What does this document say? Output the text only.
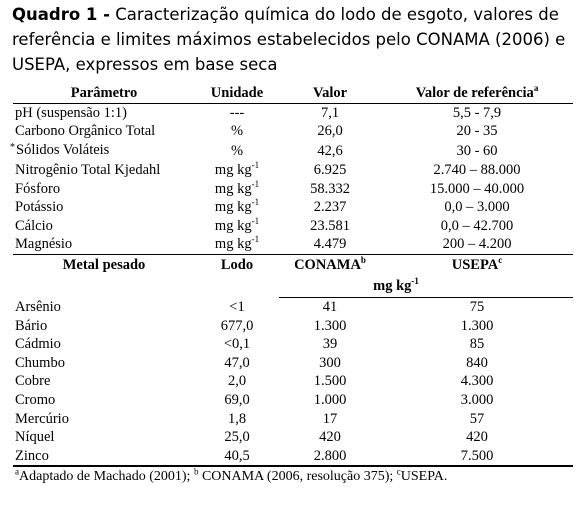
Quadro 1 - Caracterização química do lodo de esgoto, valores de referência e limites máximos estabelecidos pelo CONAMA (2006) e USEPA, expressos em base seca
Parâmetro	Unidade	Valor	Valor de referência$^a$
pH (suspensão 1:1)	---	7,1	5,5 - 7,9
Carbono Orgânico Total	%	26,0	20 - 35
*Sólidos Voláteis	%	42,6	30 - 60
Nitrogênio Total Kjedahl	mg $kg^{-1}$	6.925	2.740 – 88.000
Fósforo	mg $kg^{-1}$	58.332	15.000 – 40.000
Potássio	mg $kg^{-1}$	2.237	0,0 – 3.000
Cálcio	mg $kg^{-1}$	23.581	0,0 – 42.700
Magnésio	mg $kg^{-1}$	4.479	200 – 4.200
Metal pesado	Lodo	CONAMA$^b$	USEPA$^c$
		mg $kg^{-1}$
Arsênio	<1	41	75
Bário	677,0	1.300	1.300
Cádmio	<0,1	39	85
Chumbo	47,0	300	840
Cobre	2,0	1.500	4.300
Cromo	69,0	1.000	3.000
Mercúrio	1,8	17	57
Níquel	25,0	420	420
Zinco	40,5	2.800	7.500
$^a$Adaptado de Machado (2001); $^b$ CONAMA (2006, resolução 375); $^c$USEPA.			
